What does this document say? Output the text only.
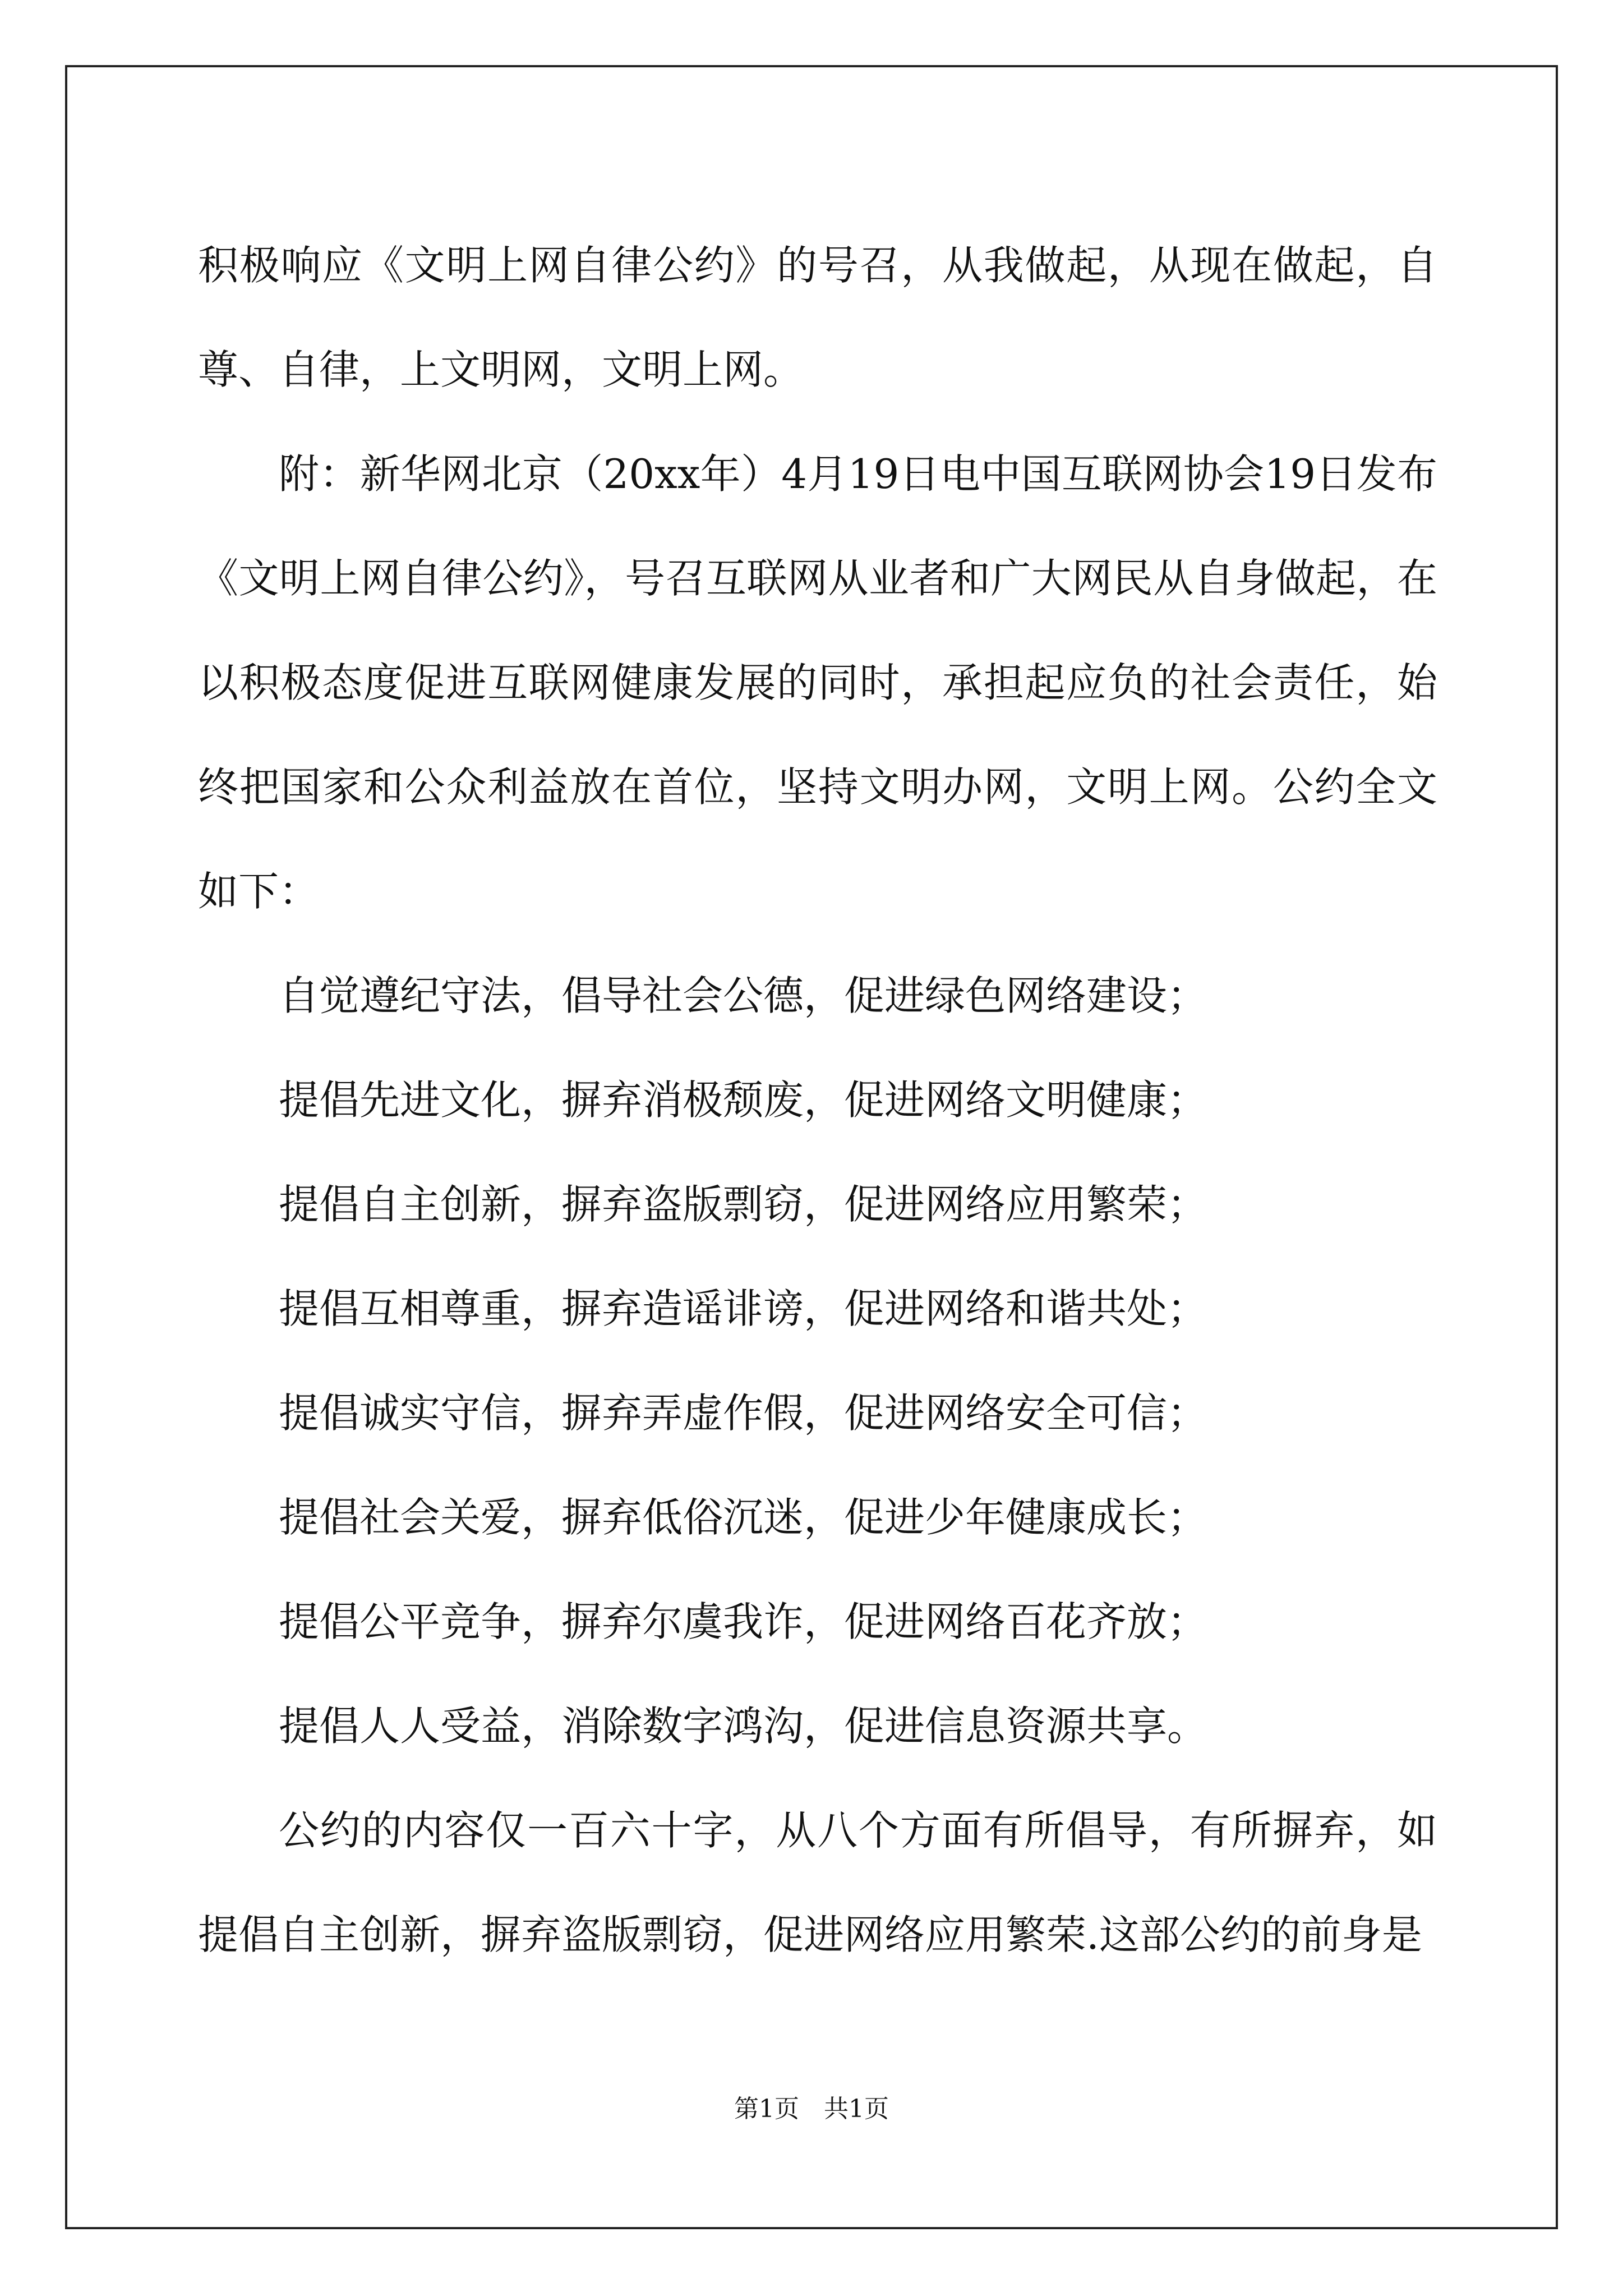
积极响应《文明上网自律公约》的号召，从我做起，从现在做起，自尊、自律，上文明网，文明上网。

附：新华网北京（20xx年）4月19日电中国互联网协会19日发布《文明上网自律公约》，号召互联网从业者和广大网民从自身做起，在以积极态度促进互联网健康发展的同时，承担起应负的社会责任，始终把国家和公众利益放在首位，坚持文明办网，文明上网。公约全文如下：

自觉遵纪守法，倡导社会公德，促进绿色网络建设；

提倡先进文化，摒弃消极颓废，促进网络文明健康；

提倡自主创新，摒弃盗版剽窃，促进网络应用繁荣；

提倡互相尊重，摒弃造谣诽谤，促进网络和谐共处；

提倡诚实守信，摒弃弄虚作假，促进网络安全可信；

提倡社会关爱，摒弃低俗沉迷，促进少年健康成长；

提倡公平竞争，摒弃尔虞我诈，促进网络百花齐放；

提倡人人受益，消除数字鸿沟，促进信息资源共享。

公约的内容仅一百六十字，从八个方面有所倡导，有所摒弃，如提倡自主创新，摒弃盗版剽窃，促进网络应用繁荣.这部公约的前身是

第1页　共1页
